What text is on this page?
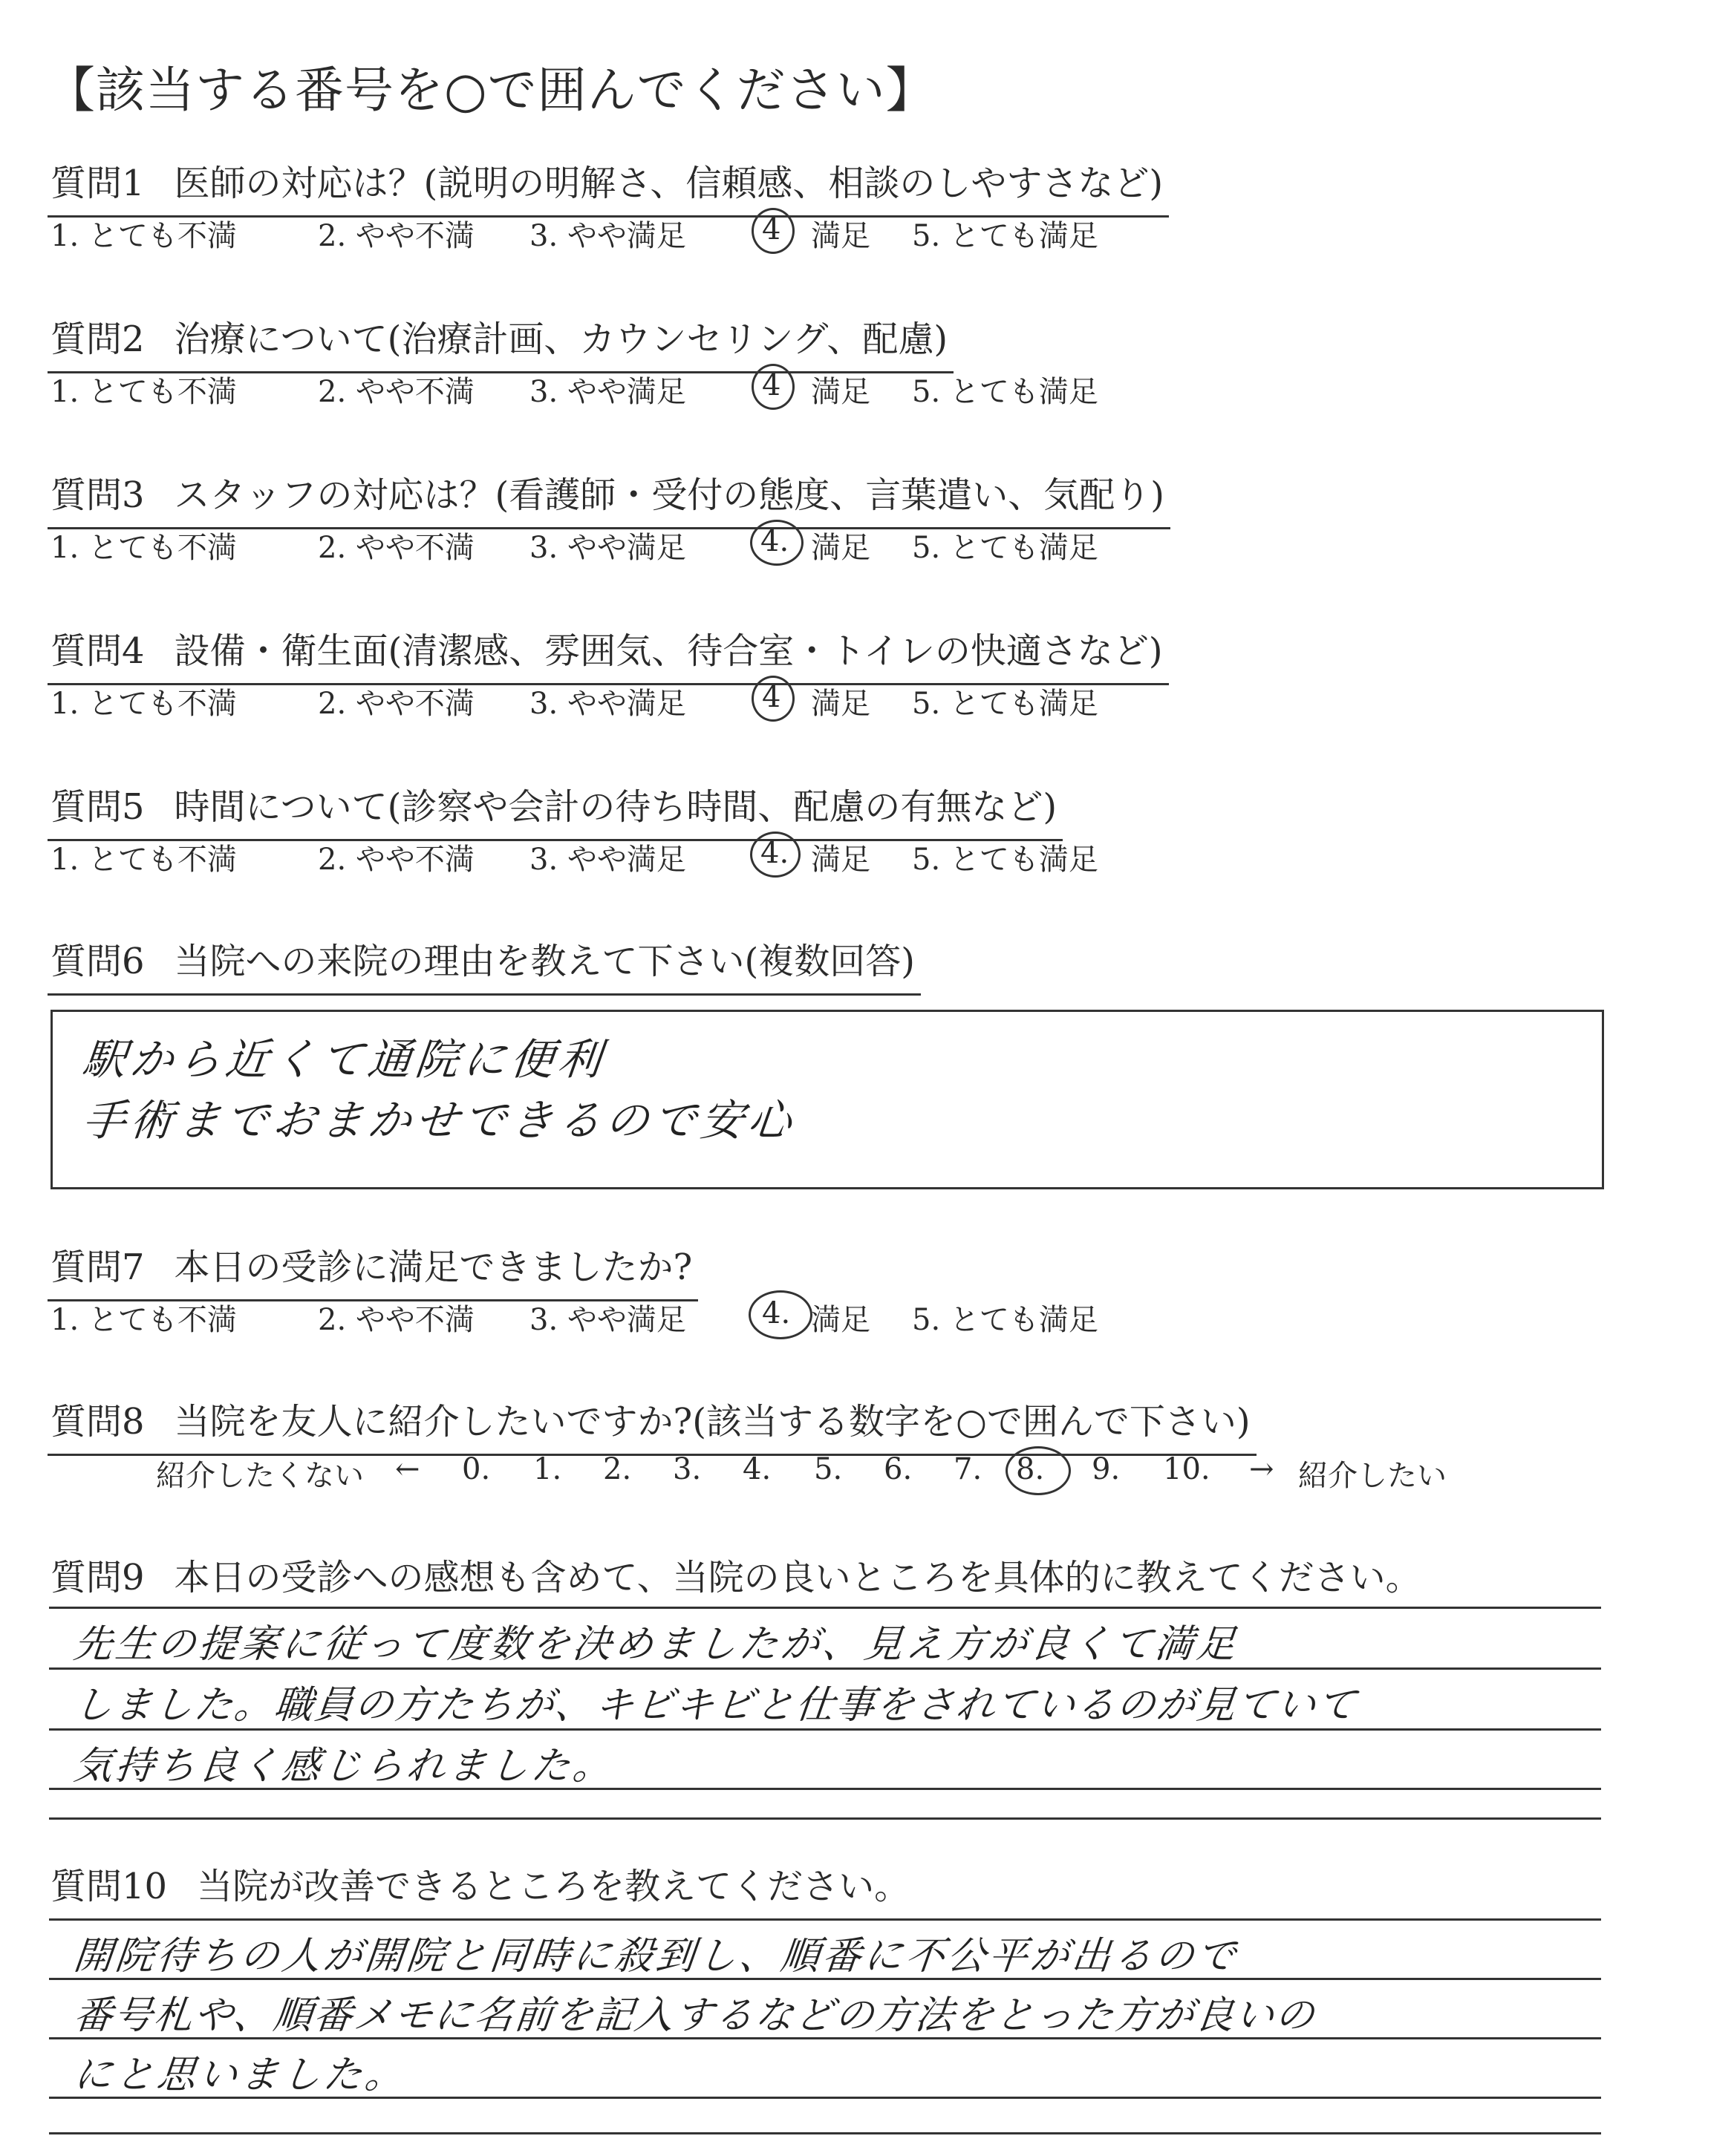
【該当する番号を○で囲んでください】
質問1 医師の対応は？(説明の明解さ、信頼感、相談のしやすさなど)
1. とても不満	2. やや不満 3. やや満足	4 満足 5. とても満足
質問2 治療について(治療計画、カウンセリング、配慮)
1. とても不満	2. やや不満 3. やや満足	4 満足 5. とても満足
質問3 スタッフの対応は？(看護師・受付の態度、言葉遣い、気配り)
1. とても不満	2. やや不満 3. やや満足	4. 満足 5. とても満足
質問4 設備・衛生面(清潔感、雰囲気、待合室・トイレの快適さなど)
1. とても不満	2. やや不満 3. やや満足	4 満足 5. とても満足
質問5 時間について(診察や会計の待ち時間、配慮の有無など)
1. とても不満	2. やや不満 3. やや満足	4. 満足 5. とても満足
質問6 当院への来院の理由を教えて下さい(複数回答)
駅から近くて通院に便利
手術までおまかせできるので安心
質問7 本日の受診に満足できましたか?
1. とても不満	2. やや不満 3. やや満足	4. 満足 5. とても満足
質問8 当院を友人に紹介したいですか?(該当する数字を○で囲んで下さい)
紹介したくない ← 0. 1. 2. 3. 4. 5. 6. 7. 8. 9. 10. → 紹介したい
質問9 本日の受診への感想も含めて、当院の良いところを具体的に教えてください。
先生の提案に従って度数を決めましたが、見え方が良くて満足
しました。職員の方たちが、キビキビと仕事をされているのが見ていて
気持ち良く感じられました。
質問10 当院が改善できるところを教えてください。
開院待ちの人が開院と同時に殺到し、順番に不公平が出るので
番号札や、順番メモに名前を記入するなどの方法をとった方が良いの
にと思いました。
